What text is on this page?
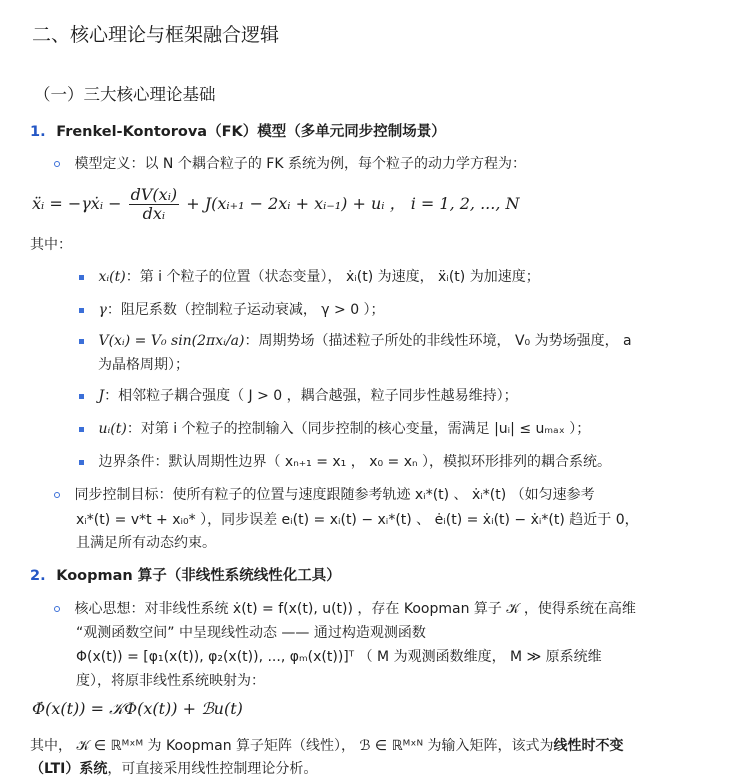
二、核心理论与框架融合逻辑
（一）三大核心理论基础
1. Frenkel-Kontorova（FK）模型（多单元同步控制场景）
模型定义：以 N 个耦合粒子的 FK 系统为例，每个粒子的动力学方程为：
ẍᵢ = −γẋᵢ − $\frac{\text{dV(xᵢ)}}{\text{dxᵢ}}$ + J(xᵢ₊₁ − 2xᵢ + xᵢ₋₁) + uᵢ ， i = 1, 2, ..., N
其中：
xᵢ(t)：第 i 个粒子的位置（状态变量）， ẋᵢ(t) 为速度， ẍᵢ(t) 为加速度；
γ：阻尼系数（控制粒子运动衰减， γ > 0 ）；
V(xᵢ) = V₀ sin(2πxᵢ/a)：周期势场（描述粒子所处的非线性环境， V₀ 为势场强度， a
为晶格周期）；
J：相邻粒子耦合强度（ J > 0 ，耦合越强，粒子同步性越易维持）；
uᵢ(t)：对第 i 个粒子的控制输入（同步控制的核心变量，需满足 |uᵢ| ≤ uₘₐₓ ）；
边界条件：默认周期性边界（ xₙ₊₁ = x₁ ， x₀ = xₙ ），模拟环形排列的耦合系统。
同步控制目标：使所有粒子的位置与速度跟随参考轨迹 xᵢ*(t) 、 ẋᵢ*(t) （如匀速参考
xᵢ*(t) = v*t + xᵢ₀* ），同步误差 eᵢ(t) = xᵢ(t) − xᵢ*(t) 、 ėᵢ(t) = ẋᵢ(t) − ẋᵢ*(t) 趋近于 0，
且满足所有动态约束。
2. Koopman 算子（非线性系统线性化工具）
核心思想：对非线性系统 ẋ(t) = f(x(t), u(t)) ，存在 Koopman 算子 𝒦 ，使得系统在高维
“观测函数空间” 中呈现线性动态 —— 通过构造观测函数
Φ(x(t)) = [φ₁(x(t)), φ₂(x(t)), ..., φₘ(x(t))]ᵀ （ M 为观测函数维度， M ≫ 原系统维
度），将原非线性系统映射为：
Φ̇(x(t)) = 𝒦Φ(x(t)) + ℬu(t)
其中， 𝒦 ∈ ℝᴹˣᴹ 为 Koopman 算子矩阵（线性）， ℬ ∈ ℝᴹˣᴺ 为输入矩阵，该式为线性时不变
（LTI）系统，可直接采用线性控制理论分析。
